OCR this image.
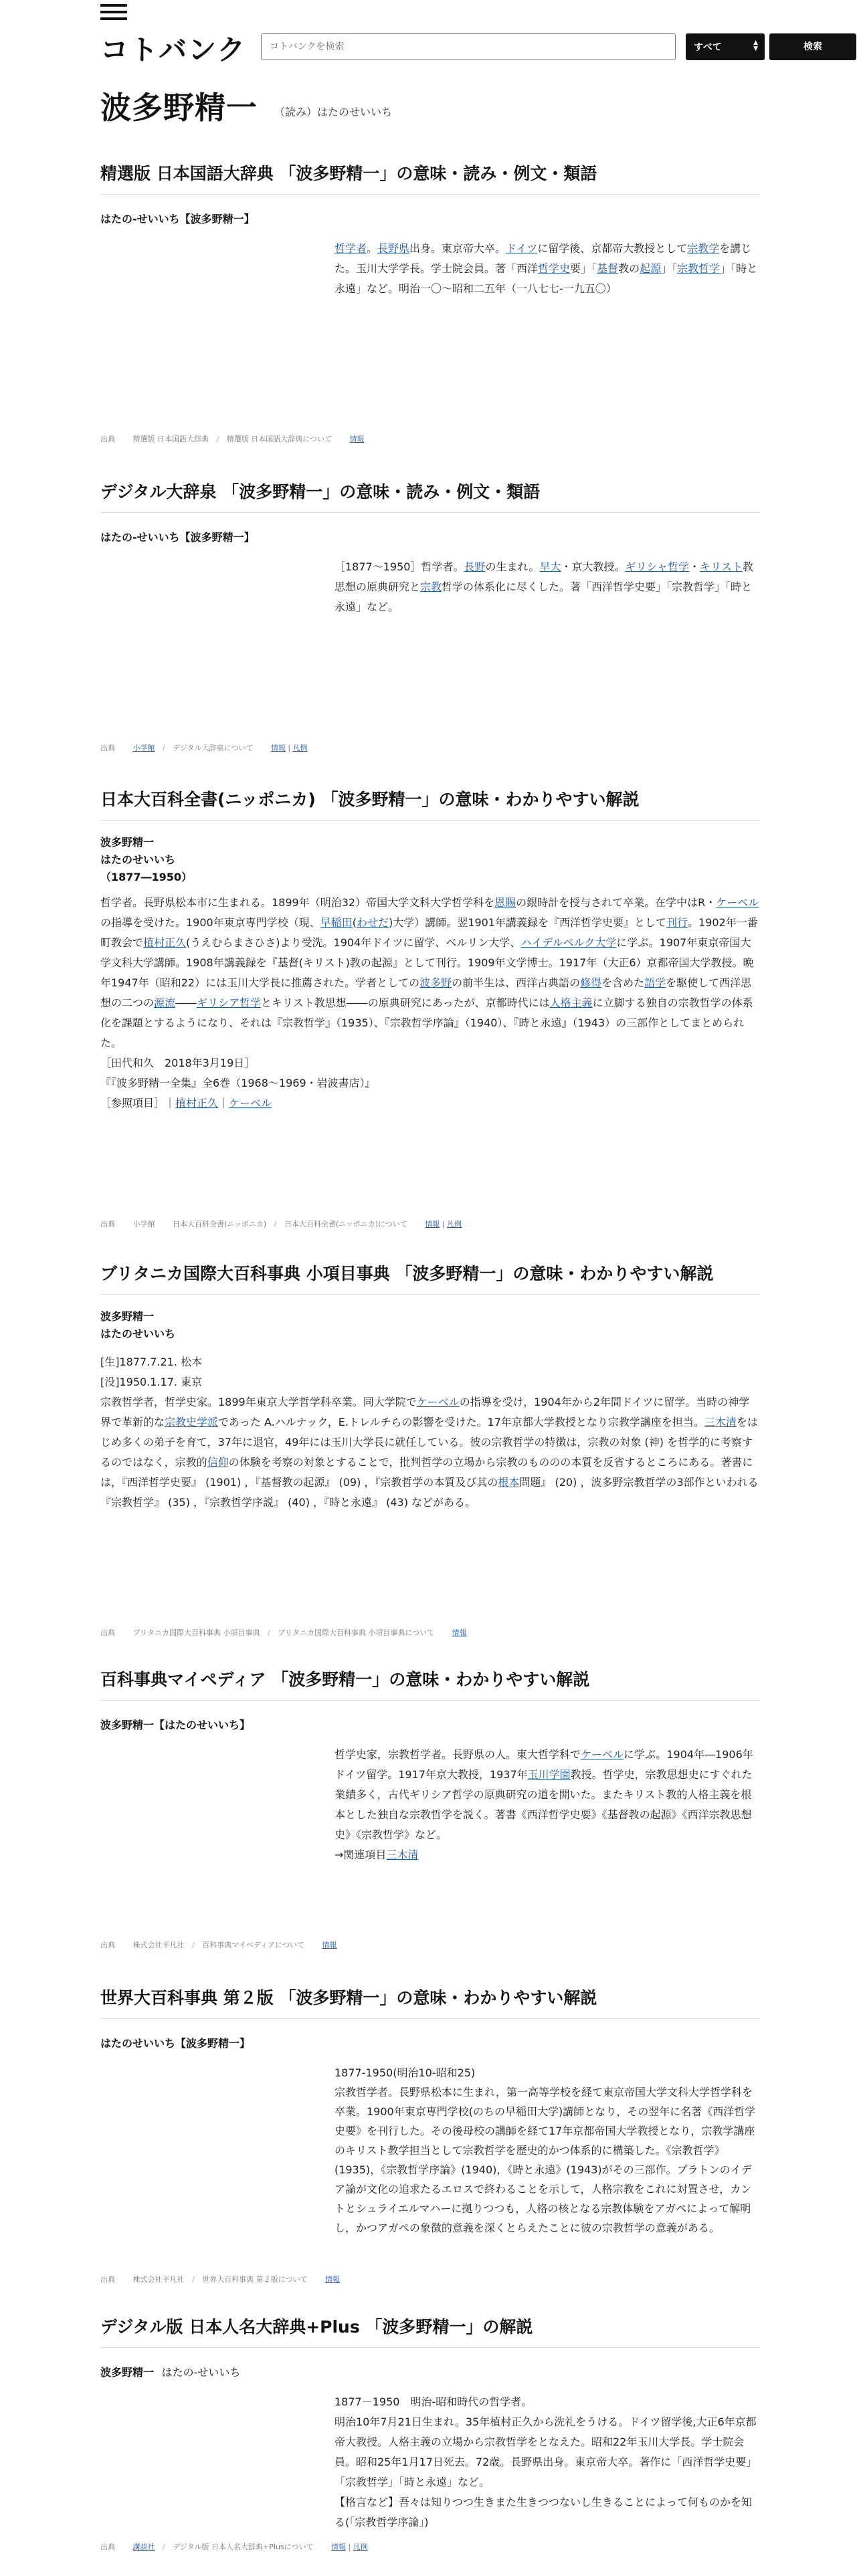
コトバンク
コトバンクを検索	すべて	▲
▼	検索
波多野精一 （読み）はたのせいいち
精選版 日本国語大辞典 「波多野精一」の意味・読み・例文・類語
はたの‐せいいち【波多野精一】
哲学者。長野県出身。東京帝大卒。ドイツに留学後、京都帝大教授として宗教学を講じた。玉川大学学長。学士院会員。著「西洋哲学史要」「基督教の起源」「宗教哲学」「時と永遠」など。明治一〇～昭和二五年（一八七七‐一九五〇）
出典 精選版 日本国語大辞典 / 精選版 日本国語大辞典について 情報
デジタル大辞泉 「波多野精一」の意味・読み・例文・類語
はたの‐せいいち【波多野精一】
［1877～1950］哲学者。長野の生まれ。早大・京大教授。ギリシャ哲学・キリスト教思想の原典研究と宗教哲学の体系化に尽くした。著「西洋哲学史要」「宗教哲学」「時と永遠」など。
出典 小学館 / デジタル大辞泉について 情報 | 凡例
日本大百科全書(ニッポニカ) 「波多野精一」の意味・わかりやすい解説
波多野精一
はたのせいいち
（1877―1950）
哲学者。長野県松本市に生まれる。1899年（明治32）帝国大学文科大学哲学科を恩賜の銀時計を授与されて卒業。在学中はR・ケーベルの指導を受けた。1900年東京専門学校（現、早稲田(わせだ)大学）講師。翌1901年講義録を『西洋哲学史要』として刊行。1902年一番町教会で植村正久(うえむらまさひさ)より受洗。1904年ドイツに留学、ベルリン大学、ハイデルベルク大学に学ぶ。1907年東京帝国大学文科大学講師。1908年講義録を『基督(キリスト)教の起源』として刊行。1909年文学博士。1917年（大正6）京都帝国大学教授。晩年1947年（昭和22）には玉川大学長に推薦された。学者としての波多野の前半生は、西洋古典語の修得を含めた語学を駆使して西洋思想の二つの源流――ギリシア哲学とキリスト教思想――の原典研究にあったが、京都時代には人格主義に立脚する独自の宗教哲学の体系化を課題とするようになり、それは『宗教哲学』（1935）、『宗教哲学序論』（1940）、『時と永遠』（1943）の三部作としてまとめられた。
［田代和久　2018年3月19日］
『『波多野精一全集』全6巻（1968～1969・岩波書店）』
［参照項目］｜植村正久｜ケーベル
出典 小学館 日本大百科全書(ニッポニカ) / 日本大百科全書(ニッポニカ)について 情報 | 凡例
ブリタニカ国際大百科事典 小項目事典 「波多野精一」の意味・わかりやすい解説
波多野精一
はたのせいいち
[生]1877.7.21. 松本
[没]1950.1.17. 東京
宗教哲学者，哲学史家。1899年東京大学哲学科卒業。同大学院でケーベルの指導を受け，1904年から2年間ドイツに留学。当時の神学界で革新的な宗教史学派であった A.ハルナック，E.トレルチらの影響を受けた。17年京都大学教授となり宗教学講座を担当。三木清をはじめ多くの弟子を育て，37年に退官，49年には玉川大学長に就任している。彼の宗教哲学の特徴は，宗教の対象 (神) を哲学的に考察するのではなく，宗教的信仰の体験を考察の対象とすることで，批判哲学の立場から宗教のもののの本質を反省するところにある。著書には，『西洋哲学史要』 (1901) ，『基督教の起源』 (09) ，『宗教哲学の本質及び其の根本問題』 (20) ，波多野宗教哲学の3部作といわれる『宗教哲学』 (35) ，『宗教哲学序説』 (40) ，『時と永遠』 (43) などがある。
出典 ブリタニカ国際大百科事典 小項目事典 / ブリタニカ国際大百科事典 小項目事典について 情報
百科事典マイペディア 「波多野精一」の意味・わかりやすい解説
波多野精一【はたのせいいち】
哲学史家，宗教哲学者。長野県の人。東大哲学科でケーベルに学ぶ。1904年―1906年ドイツ留学。1917年京大教授，1937年玉川学園教授。哲学史，宗教思想史にすぐれた業績多く，古代ギリシア哲学の原典研究の道を開いた。またキリスト教的人格主義を根本とした独自な宗教哲学を説く。著書《西洋哲学史要》《基督教の起源》《西洋宗教思想史》《宗教哲学》など。
→関連項目三木清
出典 株式会社平凡社 / 百科事典マイペディアについて 情報
世界大百科事典 第２版 「波多野精一」の意味・わかりやすい解説
はたのせいいち【波多野精一】
1877‐1950(明治10‐昭和25)
宗教哲学者。長野県松本に生まれ，第一高等学校を経て東京帝国大学文科大学哲学科を卒業。1900年東京専門学校(のちの早稲田大学)講師となり，その翌年に名著《西洋哲学史要》を刊行した。その後母校の講師を経て17年京都帝国大学教授となり，宗教学講座のキリスト教学担当として宗教哲学を歴史的かつ体系的に構築した。《宗教哲学》(1935)，《宗教哲学序論》(1940)，《時と永遠》(1943)がその三部作。プラトンのイデア論が文化の追求たるエロスで終わることを示して，人格宗教をこれに対置させ，カントとシュライエルマハーに拠りつつも，人格の核となる宗教体験をアガペによって解明し，かつアガペの象徴的意義を深くとらえたことに彼の宗教哲学の意義がある。
出典 株式会社平凡社 / 世界大百科事典 第２版について 情報
デジタル版 日本人名大辞典+Plus 「波多野精一」の解説
波多野精一 はたの-せいいち
1877－1950　明治-昭和時代の哲学者。
明治10年7月21日生まれ。35年植村正久から洗礼をうける。ドイツ留学後,大正6年京都帝大教授。人格主義の立場から宗教哲学をとなえた。昭和22年玉川大学長。学士院会員。昭和25年1月17日死去。72歳。長野県出身。東京帝大卒。著作に「西洋哲学史要」「宗教哲学」「時と永遠」など。
【格言など】吾々は知りつつ生きまた生きつつないし生きることによって何ものかを知る(「宗教哲学序論」)
出典 講談社 / デジタル版 日本人名大辞典+Plusについて 情報 | 凡例
